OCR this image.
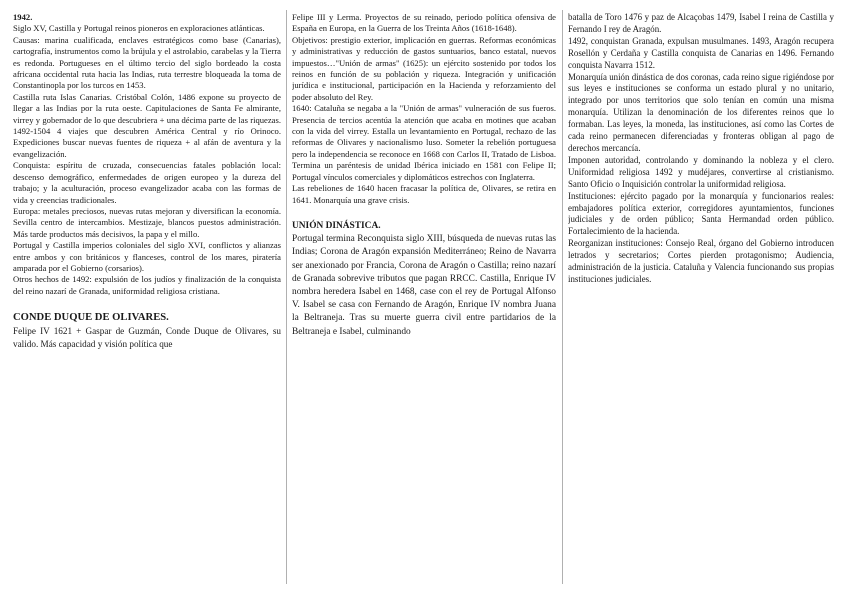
1942.

Siglo XV, Castilla y Portugal reinos pioneros en exploraciones atlánticas.

Causas: marina cualificada, enclaves estratégicos como base (Canarias), cartografía, instrumentos como la brújula y el astrolabio, carabelas y la Tierra es redonda. Portugueses en el último tercio del siglo bordeado la costa africana occidental ruta hacia las Indias, ruta terrestre bloqueada la toma de Constantinopla por los turcos en 1453.

Castilla ruta Islas Canarias. Cristóbal Colón, 1486 expone su proyecto de llegar a las Indias por la ruta oeste. Capitulaciones de Santa Fe almirante, virrey y gobernador de lo que descubriera + una décima parte de las riquezas. 1492-1504 4 viajes que descubren América Central y río Orinoco. Expediciones buscar nuevas fuentes de riqueza + al afán de aventura y la evangelización.

Conquista: espíritu de cruzada, consecuencias fatales población local: descenso demográfico, enfermedades de origen europeo y la dureza del trabajo; y la aculturación, proceso evangelizador acaba con las formas de vida y creencias tradicionales.

Europa: metales preciosos, nuevas rutas mejoran y diversifican la economía. Sevilla centro de intercambios. Mestizaje, blancos puestos administración. Más tarde productos más decisivos, la papa y el millo.

Portugal y Castilla imperios coloniales del siglo XVI, conflictos y alianzas entre ambos y con británicos y flanceses, control de los mares, piratería amparada por el Gobierno (corsarios).

Otros hechos de 1492: expulsión de los judíos y finalización de la conquista del reino nazarí de Granada, uniformidad religiosa cristiana.

CONDE DUQUE DE OLIVARES.

Felipe IV 1621 + Gaspar de Guzmán, Conde Duque de Olivares, su valido. Más capacidad y visión política que

Felipe III y Lerma. Proyectos de su reinado, periodo política ofensiva de España en Europa, en la Guerra de los Treinta Años (1618-1648).

Objetivos: prestigio exterior, implicación en guerras. Reformas económicas y administrativas y reducción de gastos suntuarios, banco estatal, nuevos impuestos…"Unión de armas" (1625): un ejército sostenido por todos los reinos en función de su población y riqueza. Integración y unificación jurídica e institucional, participación en la Hacienda y reforzamiento del poder absoluto del Rey.

1640: Cataluña se negaba a la "Unión de armas" vulneración de sus fueros. Presencia de tercios acentúa la atención que acaba en motines que acaban con la vida del virrey. Estalla un levantamiento en Portugal, rechazo de las reformas de Olivares y nacionalismo luso. Someter la rebelión portuguesa pero la independencia se reconoce en 1668 con Carlos II, Tratado de Lisboa. Termina un paréntesis de unidad Ibérica iniciado en 1581 con Felipe II; Portugal vínculos comerciales y diplomáticos estrechos con Inglaterra.

Las rebeliones de 1640 hacen fracasar la política de, Olivares, se retira en 1641. Monarquía una grave crisis.

UNIÓN DINÁSTICA.

Portugal termina Reconquista siglo XIII, búsqueda de nuevas rutas las Indias; Corona de Aragón expansión Mediterráneo; Reino de Navarra ser anexionado por Francia, Corona de Aragón o Castilla; reino nazarí de Granada sobrevive tributos que pagan RRCC. Castilla, Enrique IV nombra heredera Isabel en 1468, case con el rey de Portugal Alfonso V. Isabel se casa con Fernando de Aragón, Enrique IV nombra Juana la Beltraneja. Tras su muerte guerra civil entre partidarios de la Beltraneja e Isabel, culminando

batalla de Toro 1476 y paz de Alcaçobas 1479, Isabel I reina de Castilla y Fernando I rey de Aragón.

1492, conquistan Granada, expulsan musulmanes. 1493, Aragón recupera Rosellón y Cerdaña y Castilla conquista de Canarias en 1496. Fernando conquista Navarra 1512.

Monarquía unión dinástica de dos coronas, cada reino sigue rigiéndose por sus leyes e instituciones se conforma un estado plural y no unitario, integrado por unos territorios que solo tenían en común una misma monarquía. Utilizan la denominación de los diferentes reinos que lo formaban. Las leyes, la moneda, las instituciones, así como las Cortes de cada reino permanecen diferenciadas y fronteras obligan al pago de derechos mercancía.

Imponen autoridad, controlando y dominando la nobleza y el clero. Uniformidad religiosa 1492 y mudéjares, convertirse al cristianismo. Santo Oficio o Inquisición controlar la uniformidad religiosa.

Instituciones: ejército pagado por la monarquía y funcionarios reales: embajadores política exterior, corregidores ayuntamientos, funciones judiciales y de orden público; Santa Hermandad orden público. Fortalecimiento de la hacienda.

Reorganizan instituciones: Consejo Real, órgano del Gobierno introducen letrados y secretarios; Cortes pierden protagonismo; Audiencia, administración de la justicia. Cataluña y Valencia funcionando sus propias instituciones judiciales.
